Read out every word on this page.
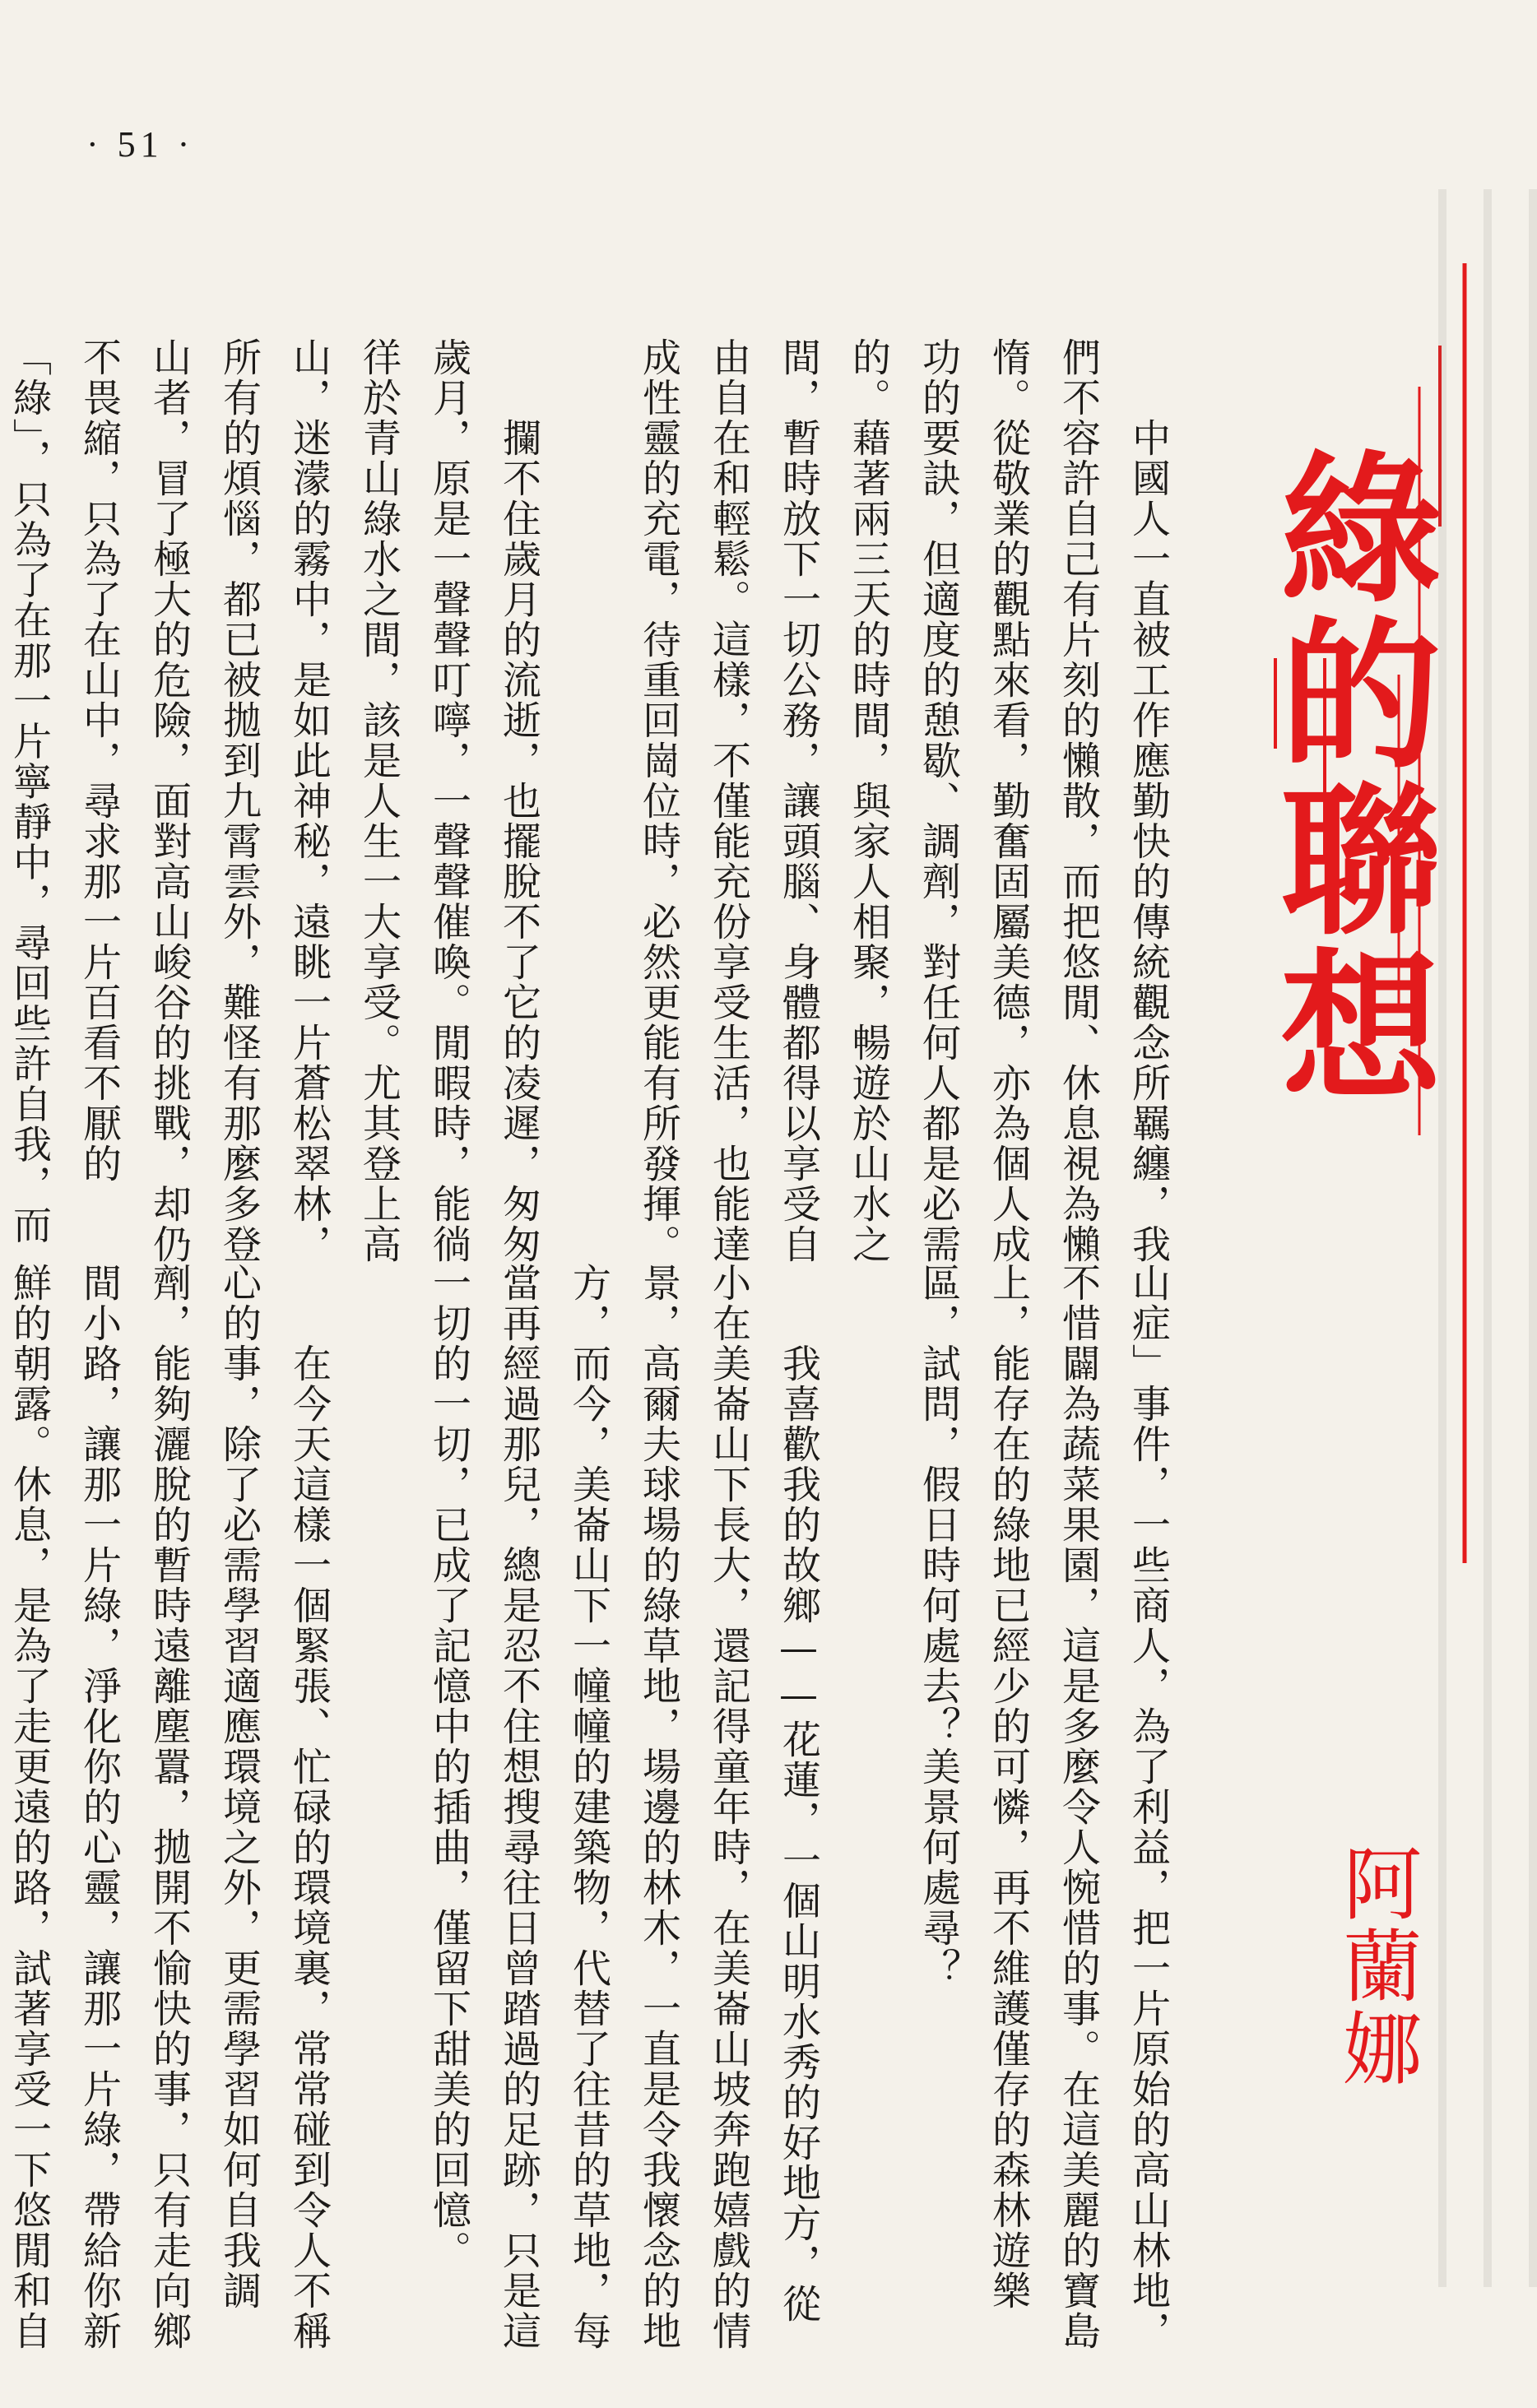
· 51 ·
綠的聯想
阿蘭娜

　　中國人一直被工作應勤快的傳統觀念所羈纏，我們不容許自己有片刻的懶散，而把悠閒、休息視為懶惰。從敬業的觀點來看，勤奮固屬美德，亦為個人成功的要訣，但適度的憩歇、調劑，對任何人都是必需的。藉著兩三天的時間，與家人相聚，暢遊於山水之間，暫時放下一切公務，讓頭腦、身體都得以享受自由自在和輕鬆。這樣，不僅能充份享受生活，也能達成性靈的充電，待重回崗位時，必然更能有所發揮。

　　攔不住歲月的流逝，也擺脫不了它的凌遲，匆匆歲月，原是一聲聲叮嚀，一聲聲催喚。閒暇時，能徜徉於青山綠水之間，該是人生一大享受。尤其登上高山，迷濛的霧中，是如此神秘，遠眺一片蒼松翠林，所有的煩惱，都已被拋到九霄雲外，難怪有那麼多登山者，冒了極大的危險，面對高山峻谷的挑戰，却仍不畏縮，只為了在山中，尋求那一片百看不厭的「綠」，只為了在那一片寧靜中，尋回些許自我，而

山症」事件，一些商人，為了利益，把一片原始的高山林地，不惜闢為蔬菜果園，這是多麼令人惋惜的事。在這美麗的寶島上，能存在的綠地已經少的可憐，再不維護僅存的森林遊樂區，試問，假日時何處去？美景何處尋？

　　我喜歡我的故鄉——花蓮，一個山明水秀的好地方，從小在美崙山下長大，還記得童年時，在美崙山坡奔跑嬉戲的情景，高爾夫球場的綠草地，場邊的林木，一直是令我懷念的地方，而今，美崙山下一幢幢的建築物，代替了往昔的草地，每當再經過那兒，總是忍不住想搜尋往日曾踏過的足跡，只是這一切的一切，已成了記憶中的插曲，僅留下甜美的回憶。

　　在今天這樣一個緊張、忙碌的環境裏，常常碰到令人不稱心的事，除了必需學習適應環境之外，更需學習如何自我調劑，能夠灑脫的暫時遠離塵囂，拋開不愉快的事，只有走向鄉間小路，讓那一片綠，淨化你的心靈，讓那一片綠，帶給你新鮮的朝露。休息，是為了走更遠的路，試著享受一下悠閒和自
